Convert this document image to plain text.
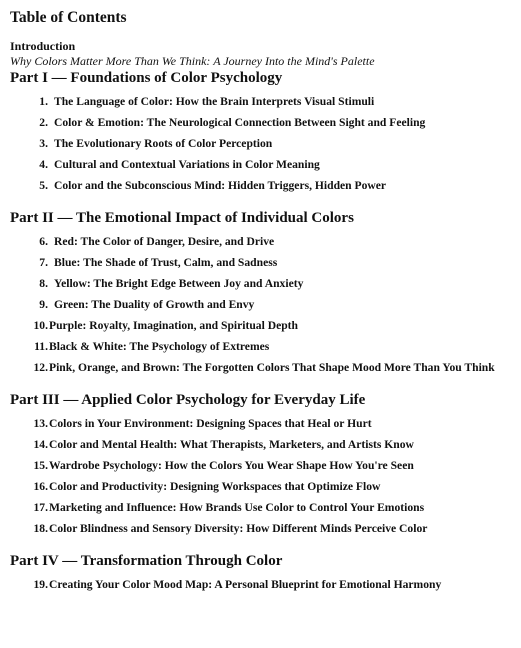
Table of Contents
Introduction
Why Colors Matter More Than We Think: A Journey Into the Mind's Palette
Part I — Foundations of Color Psychology
1. The Language of Color: How the Brain Interprets Visual Stimuli
2. Color & Emotion: The Neurological Connection Between Sight and Feeling
3. The Evolutionary Roots of Color Perception
4. Cultural and Contextual Variations in Color Meaning
5. Color and the Subconscious Mind: Hidden Triggers, Hidden Power
Part II — The Emotional Impact of Individual Colors
6. Red: The Color of Danger, Desire, and Drive
7. Blue: The Shade of Trust, Calm, and Sadness
8. Yellow: The Bright Edge Between Joy and Anxiety
9. Green: The Duality of Growth and Envy
10. Purple: Royalty, Imagination, and Spiritual Depth
11. Black & White: The Psychology of Extremes
12. Pink, Orange, and Brown: The Forgotten Colors That Shape Mood More Than You Think
Part III — Applied Color Psychology for Everyday Life
13. Colors in Your Environment: Designing Spaces that Heal or Hurt
14. Color and Mental Health: What Therapists, Marketers, and Artists Know
15. Wardrobe Psychology: How the Colors You Wear Shape How You're Seen
16. Color and Productivity: Designing Workspaces that Optimize Flow
17. Marketing and Influence: How Brands Use Color to Control Your Emotions
18. Color Blindness and Sensory Diversity: How Different Minds Perceive Color
Part IV — Transformation Through Color
19. Creating Your Color Mood Map: A Personal Blueprint for Emotional Harmony
